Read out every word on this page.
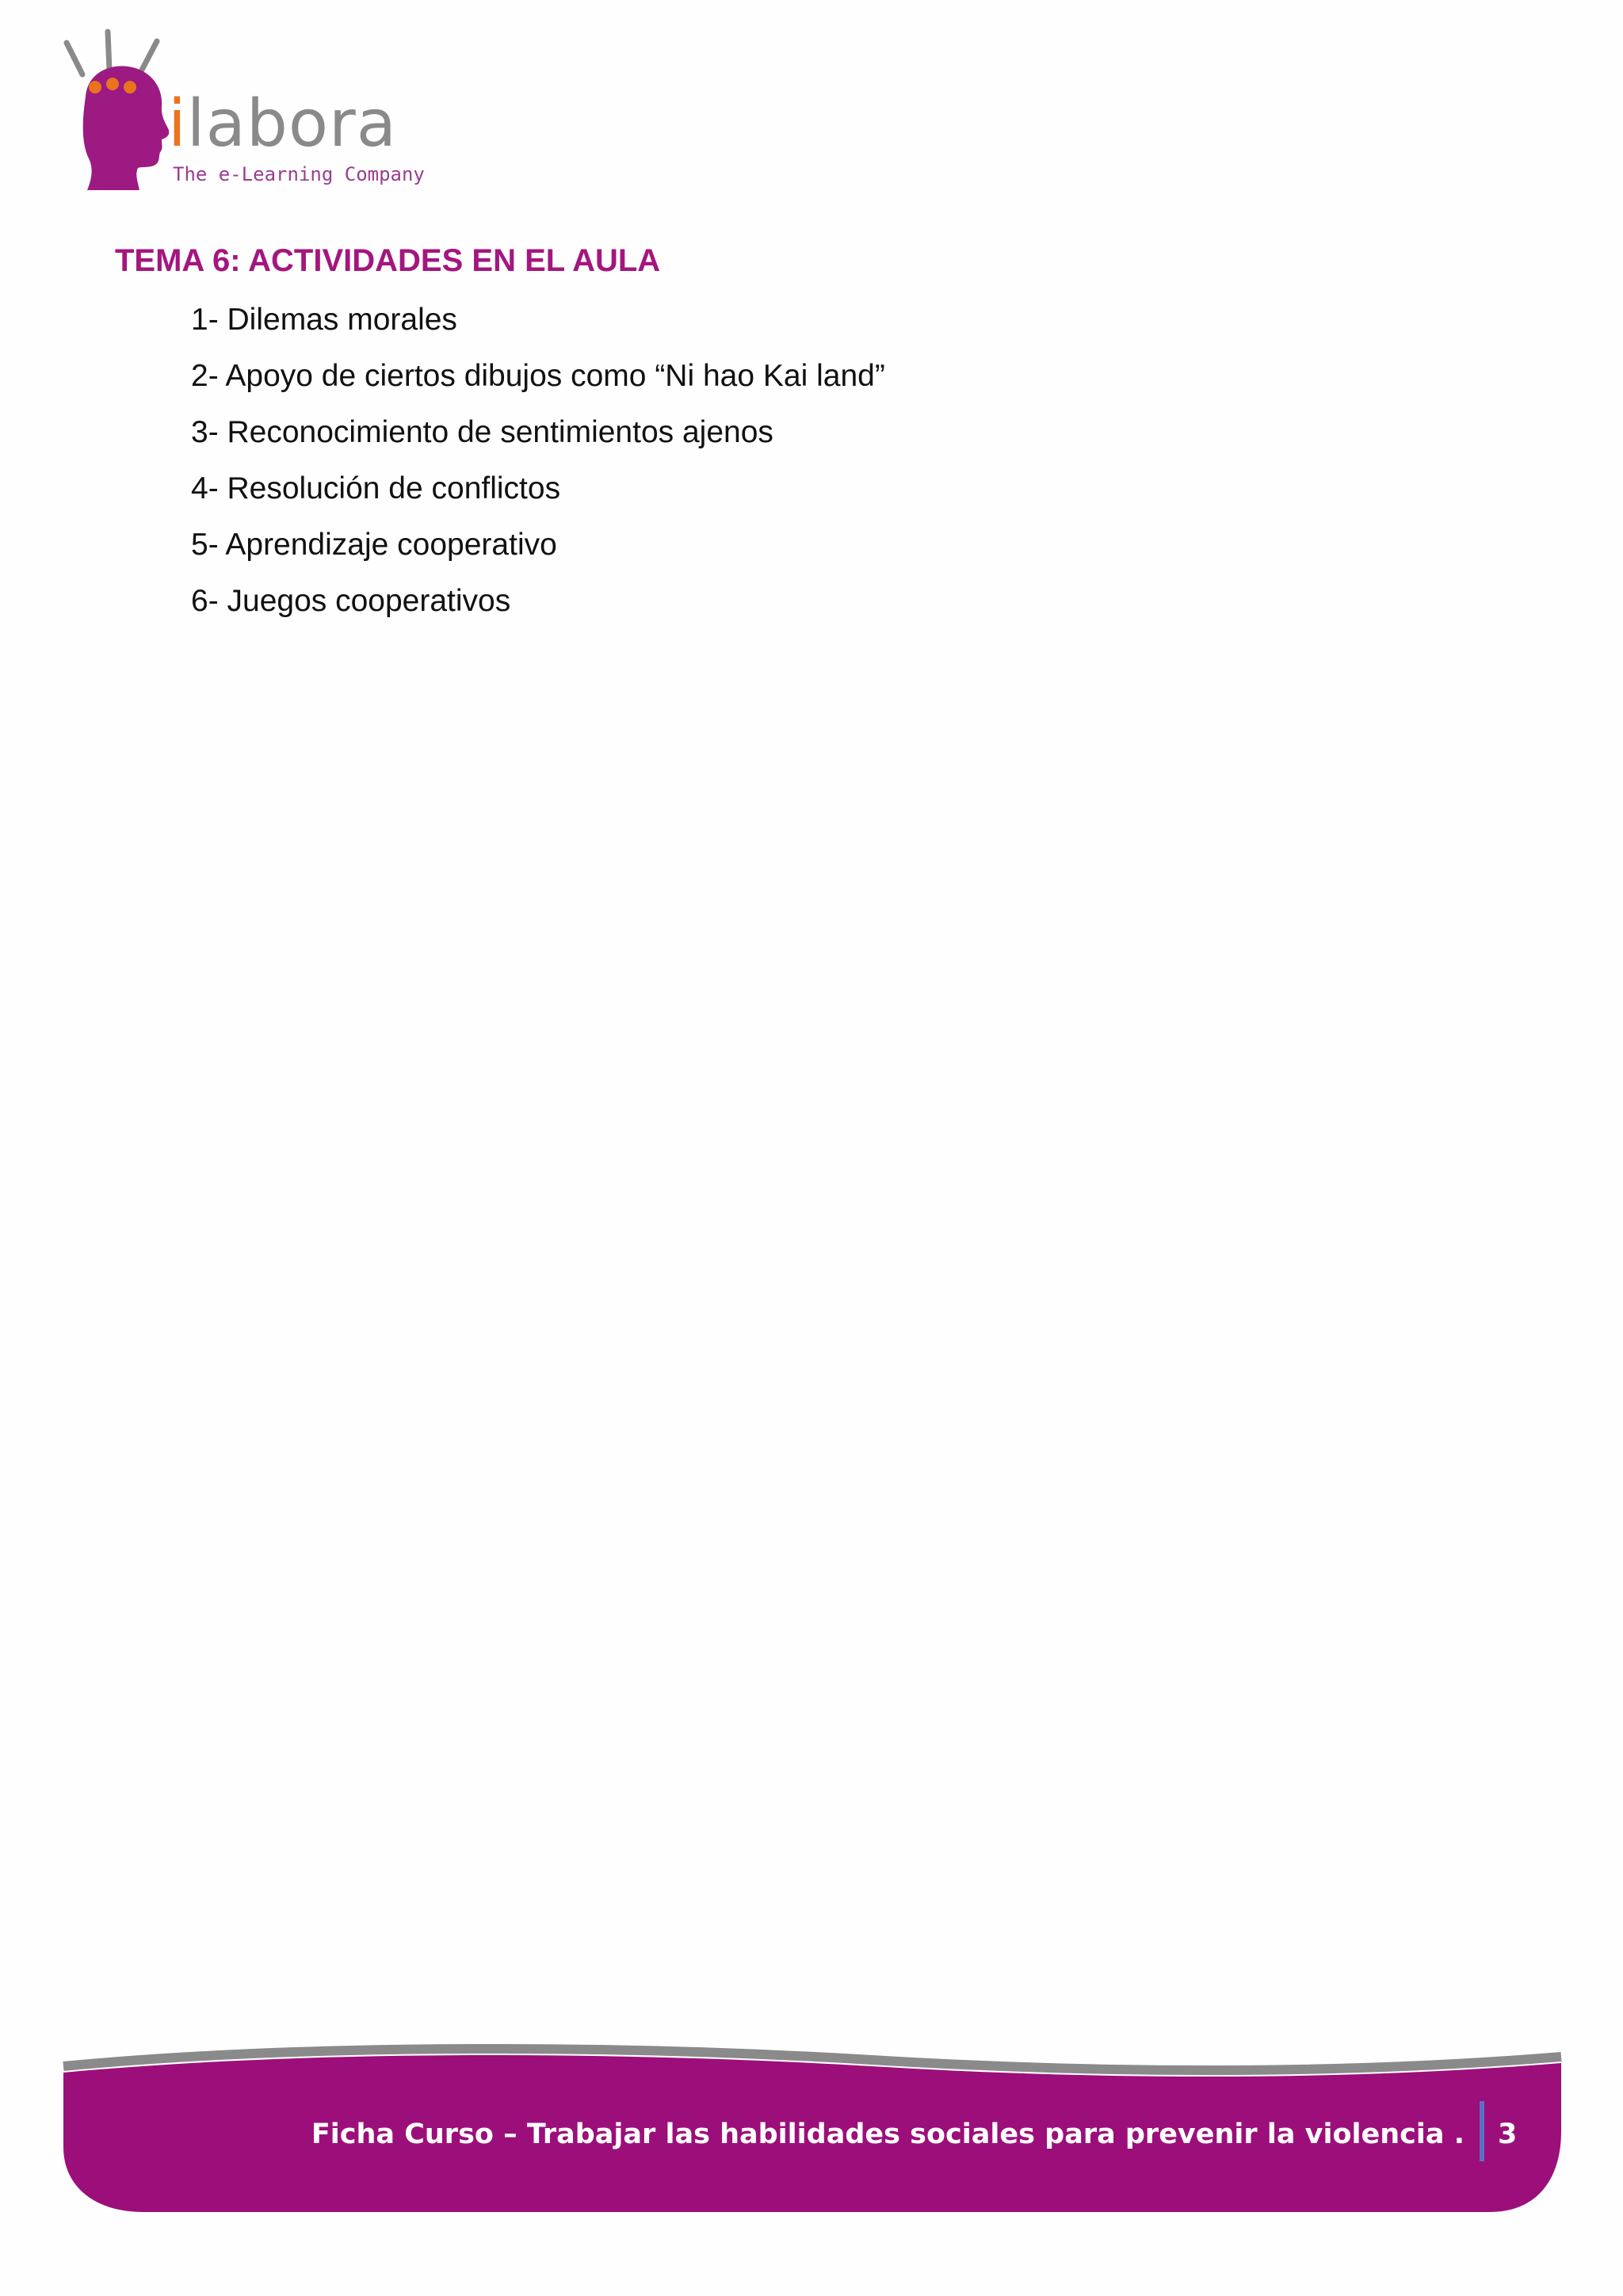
ilabora
The e-Learning Company
TEMA 6: ACTIVIDADES EN EL AULA
1- Dilemas morales
2- Apoyo de ciertos dibujos como “Ni hao Kai land”
3- Reconocimiento de sentimientos ajenos
4- Resolución de conflictos
5- Aprendizaje cooperativo
6- Juegos cooperativos
Ficha Curso – Trabajar las habilidades sociales para prevenir la violencia . 3
